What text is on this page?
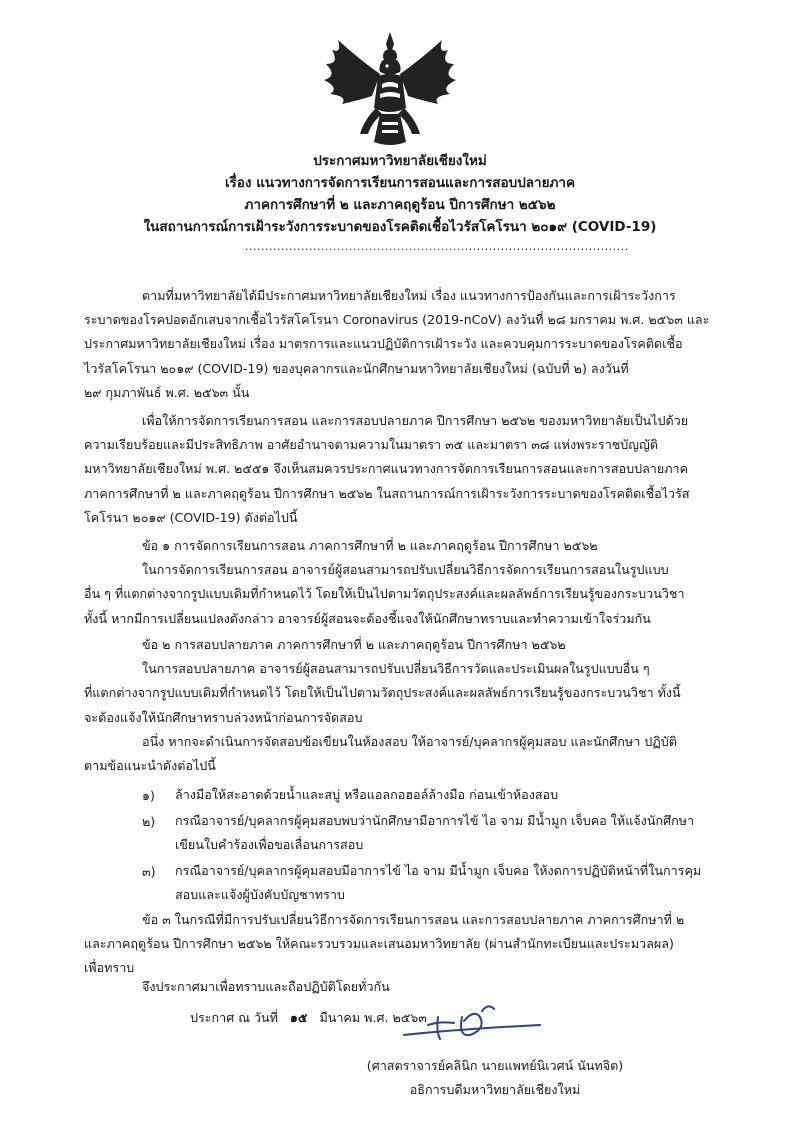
ประกาศมหาวิทยาลัยเชียงใหม่
เรื่อง แนวทางการจัดการเรียนการสอนและการสอบปลายภาค
ภาคการศึกษาที่ ๒ และภาคฤดูร้อน ปีการศึกษา ๒๕๖๒
ในสถานการณ์การเฝ้าระวังการระบาดของโรคติดเชื้อไวรัสโคโรนา ๒๐๑๙ (COVID-19)
................................................................................................
ตามที่มหาวิทยาลัยได้มีประกาศมหาวิทยาลัยเชียงใหม่ เรื่อง แนวทางการป้องกันและการเฝ้าระวังการ
ระบาดของโรคปอดอักเสบจากเชื้อไวรัสโคโรนา Coronavirus (2019-nCoV) ลงวันที่ ๒๘ มกราคม พ.ศ. ๒๕๖๓ และ
ประกาศมหาวิทยาลัยเชียงใหม่ เรื่อง มาตรการและแนวปฏิบัติการเฝ้าระวัง และควบคุมการระบาดของโรคติดเชื้อ
ไวรัสโคโรนา ๒๐๑๙ (COVID-19) ของบุคลากรและนักศึกษามหาวิทยาลัยเชียงใหม่ (ฉบับที่ ๒) ลงวันที่
๒๙ กุมภาพันธ์ พ.ศ. ๒๕๖๓ นั้น
เพื่อให้การจัดการเรียนการสอน และการสอบปลายภาค ปีการศึกษา ๒๕๖๒ ของมหาวิทยาลัยเป็นไปด้วย
ความเรียบร้อยและมีประสิทธิภาพ อาศัยอำนาจตามความในมาตรา ๓๕ และมาตรา ๓๘ แห่งพระราชบัญญัติ
มหาวิทยาลัยเชียงใหม่ พ.ศ. ๒๕๕๑ จึงเห็นสมควรประกาศแนวทางการจัดการเรียนการสอนและการสอบปลายภาค
ภาคการศึกษาที่ ๒ และภาคฤดูร้อน ปีการศึกษา ๒๕๖๒ ในสถานการณ์การเฝ้าระวังการระบาดของโรคติดเชื้อไวรัส
โคโรนา ๒๐๑๙ (COVID-19) ดังต่อไปนี้
ข้อ ๑ การจัดการเรียนการสอน ภาคการศึกษาที่ ๒ และภาคฤดูร้อน ปีการศึกษา ๒๕๖๒
ในการจัดการเรียนการสอน อาจารย์ผู้สอนสามารถปรับเปลี่ยนวิธีการจัดการเรียนการสอนในรูปแบบ
อื่น ๆ ที่แตกต่างจากรูปแบบเดิมที่กำหนดไว้ โดยให้เป็นไปตามวัตถุประสงค์และผลลัพธ์การเรียนรู้ของกระบวนวิชา
ทั้งนี้ หากมีการเปลี่ยนแปลงดังกล่าว อาจารย์ผู้สอนจะต้องชี้แจงให้นักศึกษาทราบและทำความเข้าใจร่วมกัน
ข้อ ๒ การสอบปลายภาค ภาคการศึกษาที่ ๒ และภาคฤดูร้อน ปีการศึกษา ๒๕๖๒
ในการสอบปลายภาค อาจารย์ผู้สอนสามารถปรับเปลี่ยนวิธีการวัดและประเมินผลในรูปแบบอื่น ๆ
ที่แตกต่างจากรูปแบบเดิมที่กำหนดไว้ โดยให้เป็นไปตามวัตถุประสงค์และผลลัพธ์การเรียนรู้ของกระบวนวิชา ทั้งนี้
จะต้องแจ้งให้นักศึกษาทราบล่วงหน้าก่อนการจัดสอบ
อนึ่ง หากจะดำเนินการจัดสอบข้อเขียนในห้องสอบ ให้อาจารย์/บุคลากรผู้คุมสอบ และนักศึกษา ปฏิบัติ
ตามข้อแนะนำดังต่อไปนี้
๑) ล้างมือให้สะอาดด้วยน้ำและสบู่ หรือแอลกอฮอล์ล้างมือ ก่อนเข้าห้องสอบ
๒) กรณีอาจารย์/บุคลากรผู้คุมสอบพบว่านักศึกษามีอาการไข้ ไอ จาม มีน้ำมูก เจ็บคอ ให้แจ้งนักศึกษา
เขียนใบคำร้องเพื่อขอเลื่อนการสอบ
๓) กรณีอาจารย์/บุคลากรผู้คุมสอบมีอาการไข้ ไอ จาม มีน้ำมูก เจ็บคอ ให้งดการปฏิบัติหน้าที่ในการคุม
สอบและแจ้งผู้บังคับบัญชาทราบ
ข้อ ๓ ในกรณีที่มีการปรับเปลี่ยนวิธีการจัดการเรียนการสอน และการสอบปลายภาค ภาคการศึกษาที่ ๒
และภาคฤดูร้อน ปีการศึกษา ๒๕๖๒ ให้คณะรวบรวมและเสนอมหาวิทยาลัย (ผ่านสำนักทะเบียนและประมวลผล)
เพื่อทราบ
จึงประกาศมาเพื่อทราบและถือปฏิบัติโดยทั่วกัน
ประกาศ ณ วันที่ ๑๕ มีนาคม พ.ศ. ๒๕๖๓
(ศาสตราจารย์คลินิก นายแพทย์นิเวศน์ นันทจิต)
อธิการบดีมหาวิทยาลัยเชียงใหม่
